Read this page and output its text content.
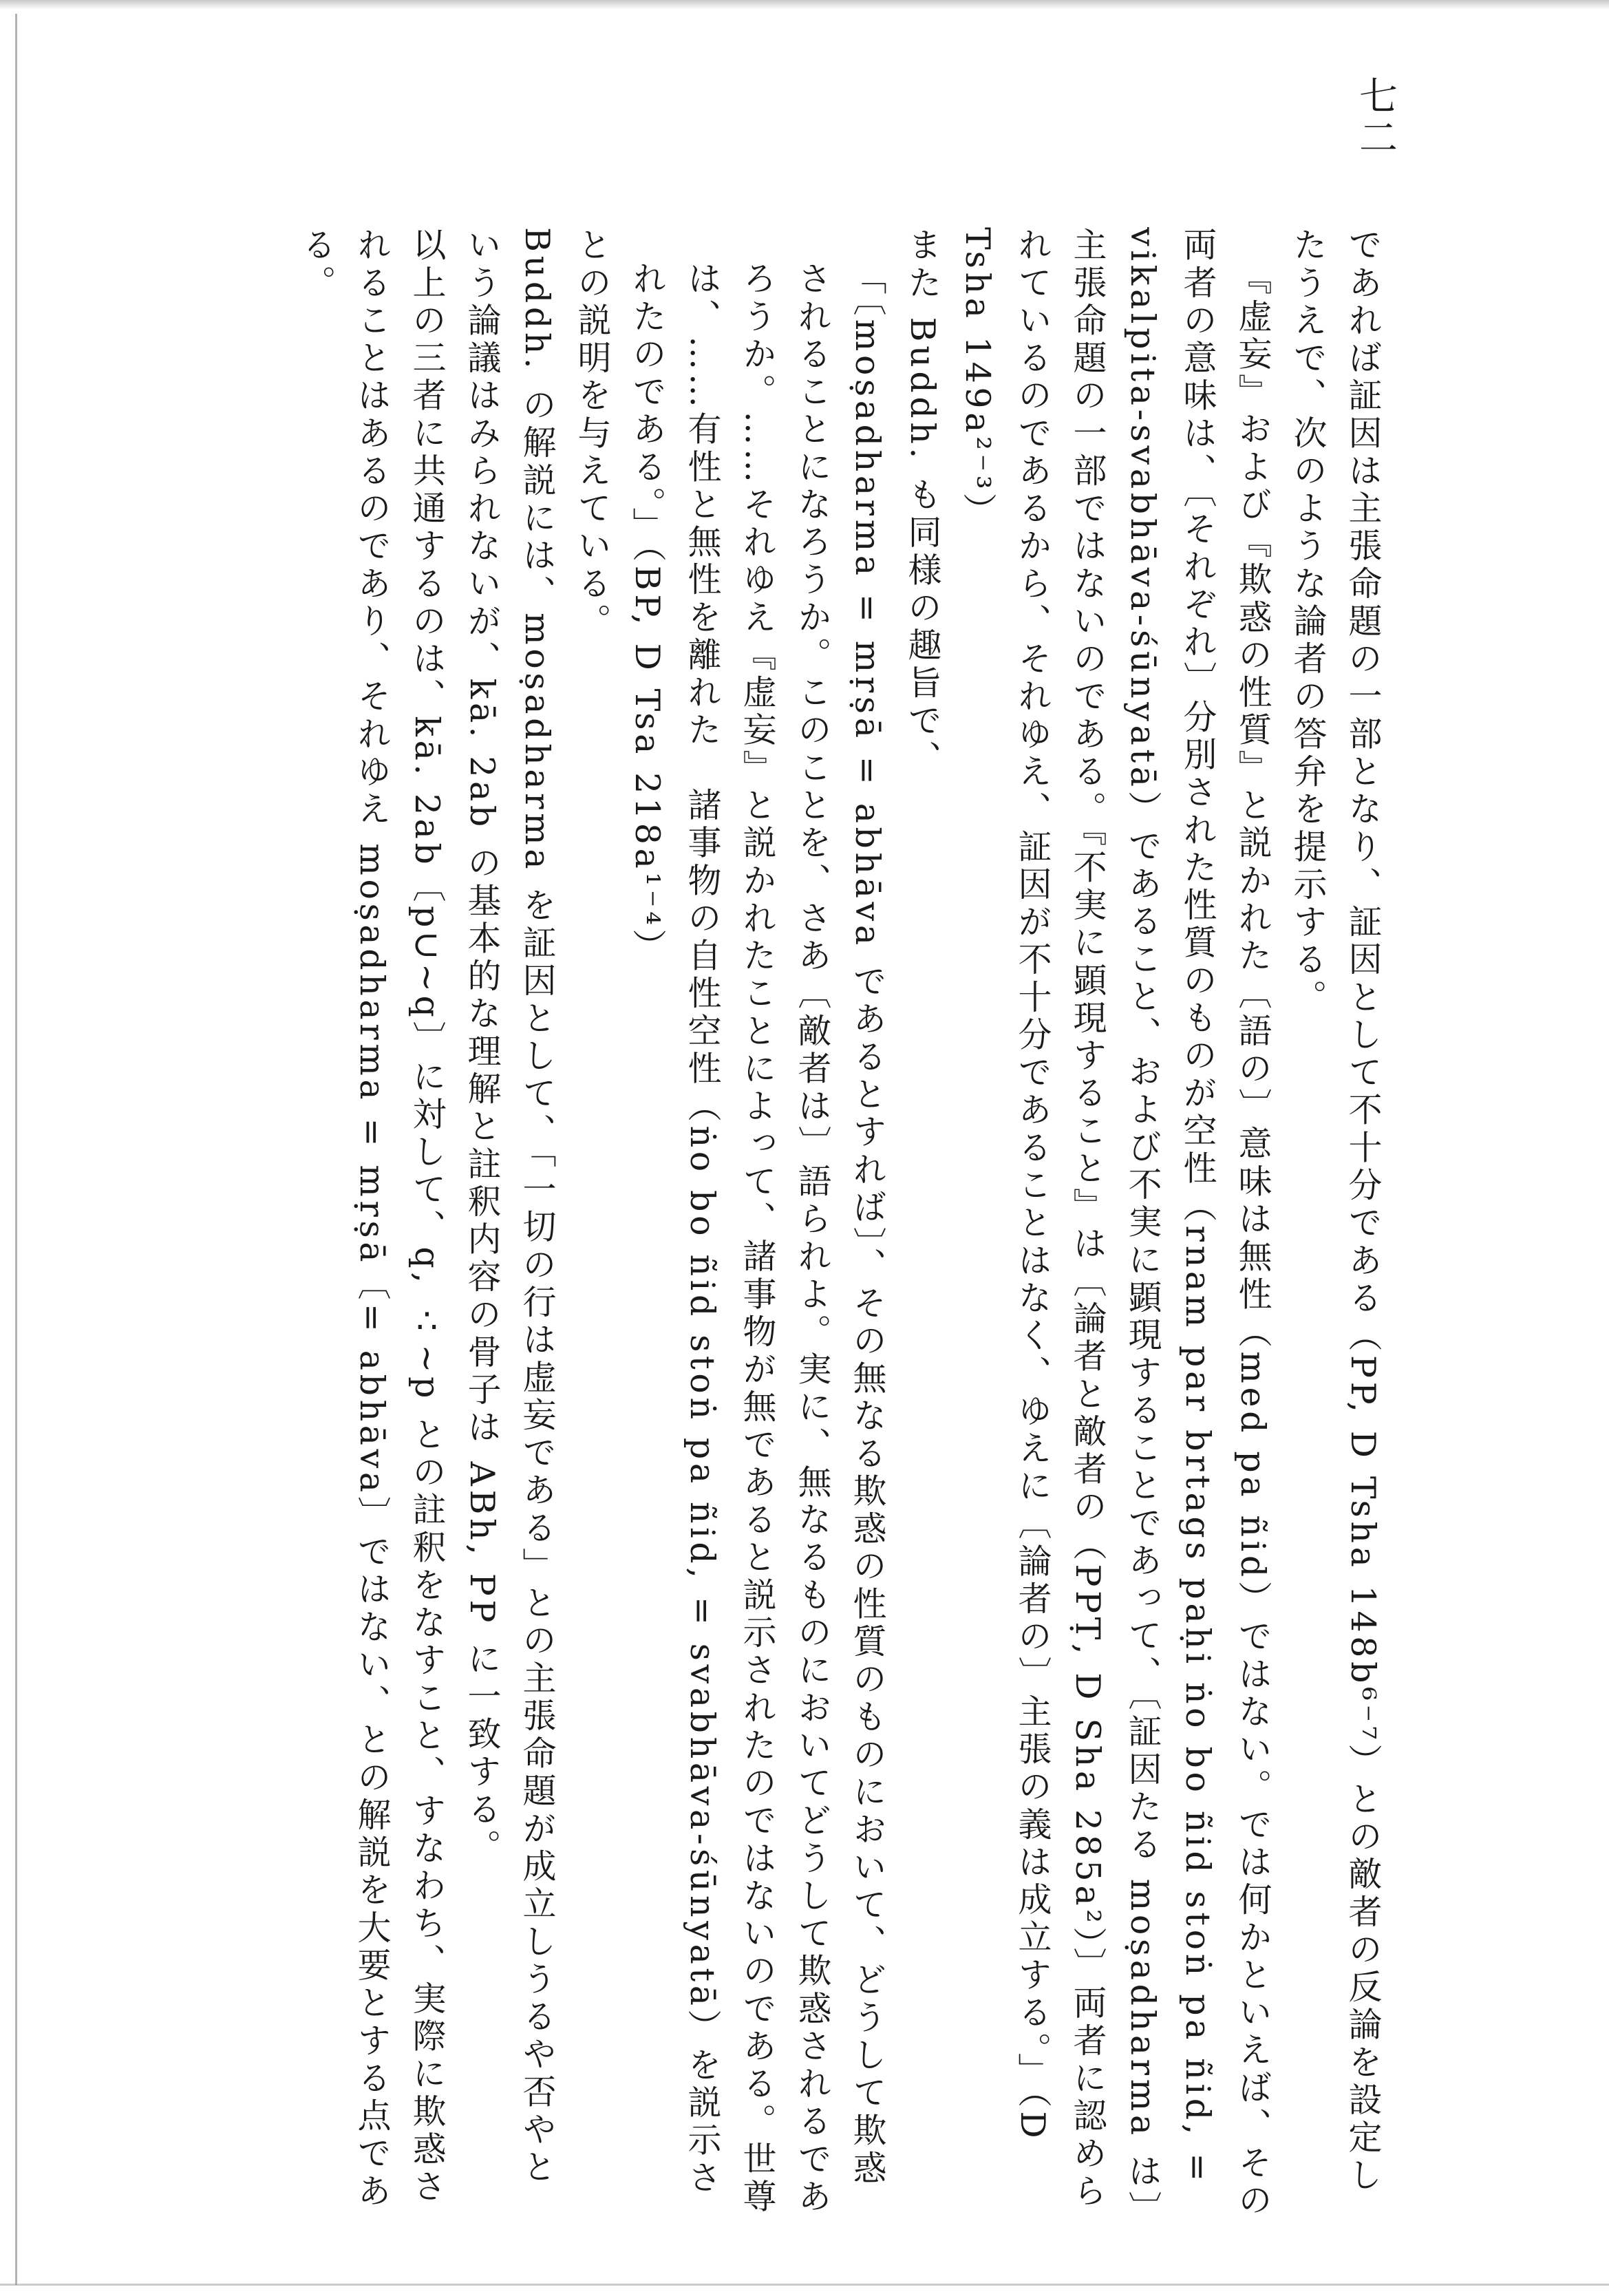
七二

であれば証因は主張命題の一部となり、証因として不十分である（PP, D Tsha 148b⁶⁻⁷）との敵者の反論を設定したうえで、次のような論者の答弁を提示する。

『虚妄』および『欺惑の性質』と説かれた〔語の〕意味は無性（med pa ñid）ではない。では何かといえば、その両者の意味は、〔それぞれ〕分別された性質のものが空性（rnam par brtags paḥi ṅo bo ñid stoṅ pa ñid, = vikalpita-svabhāva-śūnyatā）であること、および不実に顕現することであって、〔証因たる moṣadharma は〕主張命題の一部ではないのである。『不実に顕現すること』は〔論者と敵者の（PPṬ, D Sha 285a²）〕両者に認められているのであるから、それゆえ、証因が不十分であることはなく、ゆえに〔論者の〕主張の義は成立する。」（D Tsha 149a²⁻³）

また Buddh. も同様の趣旨で、

「〔moṣadharma = mṛṣā = abhāva であるとすれば〕、その無なる欺惑の性質のものにおいて、どうして欺惑されることになろうか。このことを、さあ〔敵者は〕語られよ。実に、無なるものにおいてどうして欺惑されるであろうか。……それゆえ『虚妄』と説かれたことによって、諸事物が無であると説示されたのではないのである。世尊は、……有性と無性を離れた　諸事物の自性空性（ṅo bo ñid stoṅ pa ñid, = svabhāva-śūnyatā）を説示されたのである。」（BP, D Tsa 218a¹⁻⁴）

との説明を与えている。

Buddh. の解説には、moṣadharma を証因として、「一切の行は虚妄である」との主張命題が成立しうるや否やという論議はみられないが、kā. 2ab の基本的な理解と註釈内容の骨子は ABh, PP に一致する。

以上の三者に共通するのは、kā. 2ab〔p∪~q〕に対して、q, ∴~p との註釈をなすこと、すなわち、実際に欺惑されることはあるのであり、それゆえ moṣadharma = mṛṣā〔= abhāva〕ではない、との解説を大要とする点である。
